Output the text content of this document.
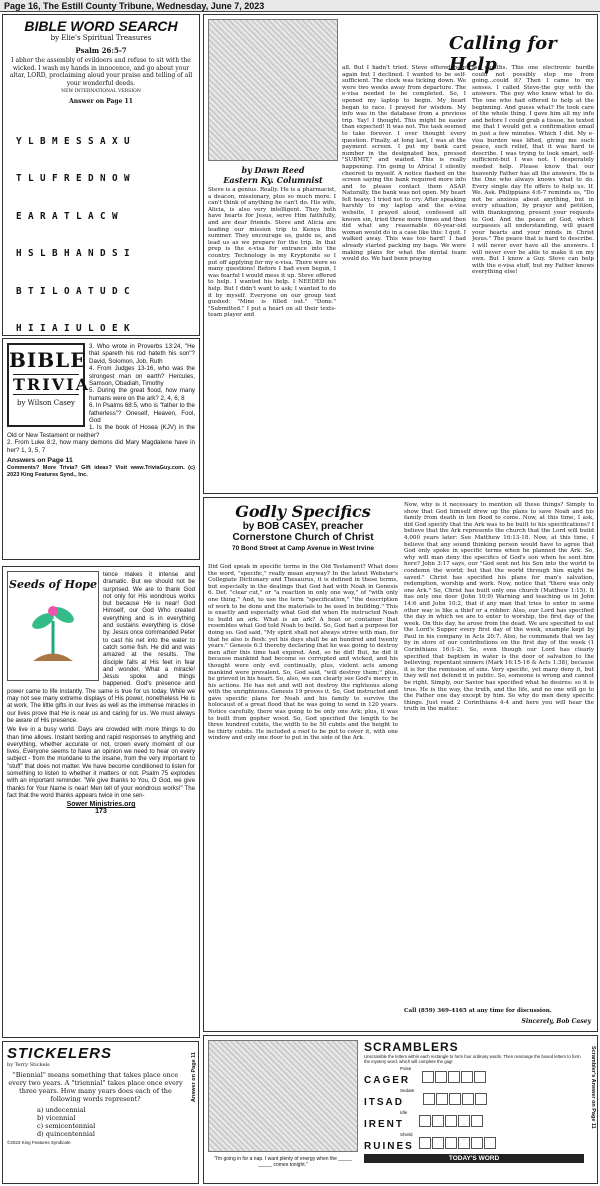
Page 16, The Estill County Tribune, Wednesday, June 7, 2023
BIBLE WORD SEARCH
by Elie's Spiritual Treasures
Psalm 26:5-7
I abhor the assembly of evildoers and refuse to sit with the wicked. I wash my hands in innocence, and go about your altar, LORD, proclaiming aloud your praise and telling of all your wonderful deeds.
NEW INTERNATIONAL VERSION
Answer on Page 11

YLBMESSAXU

TLUFREDNOW

EARATLACW

HSLBHANDSI

BTILOATUDC

HIIAIULOEK

BIBLE
TRIVIA
by Wilson Casey

3. Who wrote in Proverbs 13:24, "He that spareth his rod hateth his son"? David, Solomon, Job, Ruth

4. From Judges 13-16, who was the strongest man on earth? Hercules, Samson, Obadiah, Timothy

5. During the great flood, how many humans were on the ark? 2, 4, 6, 8

6. In Psalms 68:5, who is "father to the fatherless"? Oneself, Heaven, Fool, God

1. Is the book of Hosea (KJV) in the Old or New Testament or neither?

2. From Luke 8:2, how many demons did Mary Magdalene have in her? 1, 3, 5, 7

Answers on Page 11

Comments? More Trivia? Gift ideas? Visit www.TriviaGuy.com. (c) 2023 King Features Synd., Inc.

Calling for Help
by Dawn Reed
Eastern Ky. Columnist
Steve is a genius. Really. He is a pharmacist, a deacon, missionary, plus so much more. I can't think of anything he can't do. His wife, Alicia, is also very intelligent. They both have hearts for Jesus, serve Him faithfully, and are dear friends. Steve and Alicia are leading our mission trip to Kenya this summer. They encourage us, guide us, and lead us as we prepare for the trip. In that prep is the e-visa for entrance into the country. Technology is my Kryptonite so I put off applying for my e-visa. There were so many questions! Before I had even begun, I was fearful I would mess it up. Steve offered to help. I wanted his help. I NEEDED his help. But I didn't want to ask; I wanted to do it by myself. Everyone on our group text gushed: "Mine is filled out." "Done." "Submitted." I put a heart on all their texts-team player and
all. But I hadn't tried. Steve offered help again but I declined. I wanted to be self-sufficient. The clock was ticking down. We were two weeks away from departure. The e-visa needed to be completed. So, I opened my laptop to begin. My heart began to race. I prayed for wisdom. My info was in the database from a previous trip. Yay! I thought. This might be easier than expected! It was not. The task seemed to take forever. I over thought every question. Finally, at long last, I was at the payment screen. I put my bank card number in the designated box, pressed "SUBMIT," and waited. This is really happening. I'm going to Africa! I silently cheered to myself. A notice flashed on the screen saying the bank required more info and to please contact them ASAP. Naturally, the bank was not open. My heart felt heavy. I tried not to cry. After speaking harshly to my laptop and the e-visa website, I prayed aloud, confessed all known sin, tried three more times and then did what any reasonable 60-year-old woman would do in a case like this: I quit. I walked away. This was too hard! I had already started packing my bags. We were making plans for what the dental team would do. We had been praying
for months. This one electronic hurdle could not possibly stop me from going...could it? Then I came to my senses. I called Steve-the guy with the answers. The guy who knew what to do. The one who had offered to help at the beginning. And guess what? He took care of the whole thing. I gave him all my info and before I could grab a tissue, he texted me that I would get a confirmation email in just a few minutes. Which I did. My e-visa burden was lifted, giving me such peace, such relief, that it was hard to describe. I was trying to look smart, self-sufficient-but I was not. I desperately needed help. Please know that our heavenly Father has all the answers. He is the One who always knows what to do. Every single day He offers to help us. If. We. Ask. Philippians 4:6-7 reminds us, "Do not be anxious about anything, but in every situation, by prayer and petition, with thanksgiving, present your requests to God. And the peace of God, which surpasses all understanding, will guard your hearts and your minds in Christ Jesus." The peace that is hard to describe. I will never ever have all the answers. I will never ever be able to make it on my own. But I know a Guy. Steve can help with the e-visa stuff, but my Father knows everything else!
Seeds of Hope
tence makes it intense and dramatic. But we should not be surprised. We are to thank God not only for His wondrous works but because He is near! God Himself, our God Who created everything and is in everything and sustains everything is close by. Jesus once commanded Peter to cast his net into the water to catch some fish. He did and was amazed at the results. The disciple falls at His feet in fear and wonder. What a miracle! Jesus spoke and things happened. God's presence and power came to life instantly. The same is true for us today. While we may not see many extreme displays of His power, nonetheless He is at work. The little gifts in our lives as well as the immense miracles in our lives prove that He is near us and caring for us. We must always be aware of His presence.
We live in a busy world. Days are crowded with more things to do than time allows. Instant texting and rapid responses to anything and everything, whether accurate or not, crown every moment of our lives. Everyone seems to have an opinion we need to hear on every subject - from the mundane to the insane, from the very important to "stuff" that does not matter. We have become conditioned to listen for something to listen to whether it matters or not. Psalm 75 explodes with an important reminder. "We give thanks to You, O God, we give thanks for Your Name is near! Men tell of your wondrous works!" The fact that the word thanks appears twice in one sen-
Sower Ministries.org
173
Godly Specifics
by BOB CASEY, preacher
Cornerstone Church of Christ
70 Bond Street at Camp Avenue in West Irvine
Did God speak in specific terms in the Old Testament? What does the word, "specific," really mean anyway? In the latest Webster's Collegiate Dictionary and Thesaurus, it is defined in these terms, but especially in the dealings that God had with Noah in Genesis 6. Def. "clear cut," or "a reaction in only one way," of "with only one thing." And, to use the term "specification," "the description of work to be done and the materials to be used in building." This is exactly and especially what God did when He instructed Noah to build an ark. What is an ark? A boat or container that resembles what God told Noah to build. So, God had a purpose for doing so. God said, "My spirit shall not always strive with man, for that he also is flesh: yet his days shall be an hundred and twenty years." Genesis 6:3 thereby declaring that he was going to destroy men after this time had expired. And, so he did! But, he did it because mankind had become so corrupted and wicked, and his thought were only evil continually, plus, violent acts among mankind were prevalent. So, God said, "will destroy them;" plus, he grieved in his heart. So, also, we can clearly see God's mercy in his actions. He has not and will not destroy the righteous along with the unrighteous. Genesis 19 proves it. So, God instructed and gave specific plans for Noah and his family to survive the holocaust of a great flood that he was going to send in 120 years. Notice carefully, there was going to be only one Ark; plus, it was to built from gopher wood. So, God specified the length to be three hundred cubits, the width to be 50 cubits and the height to be thirty cubits. He included a roof to be put to cover it, with one window and only one door to put in the side of the Ark.
Now, why is it necessary to mention all these things? Simply to show that God himself drew up the plans to save Noah and his family from death in ten flood to come. Now, at this time, I ask, did God specify that the Ark was to be built to his specifications? I believe that the Ark represents the church that the Lord will build 4,000 years later: See Matthew 16:13-18. Now, at this time, I believe that any sound thinking person would have to agree that God only spoke in specific terms when he planned the Ark. So, why will man deny the specifics of God's son when he sent him here? John 3:17 says, our "God sent not his Son into the world to condemn the world; but that the world through him might be saved." Christ has specified his plans for man's salvation, redemption, worship and work. Now, notice that "there was only one Ark." So, Christ has built only one church (Matthew 1:15). It has only one door (John 10:9) Warning and teaching us in John 14:6 and John 10:2, that if any man that tries to enter in some other way is like a thief or a robber. Also, our Lord has specified the day in which we are to enter to worship, the first day of the week. On this day, he arose from the dead. We are specified to eat the Lord's Supper every first day of the week, example kept by Paul in his company in Acts 20:7. Also, he commands that we lay by in store of our contributions on the first day of the week (1 Corinthians 16:1-2). So, even though our Lord has clearly specified that baptism in water is the door of salvation to the believing, repentant sinners (Mark 16:15-16 & Acts 1:38), because it is for the remission of sins. Very specific, yet many deny it, but they will not defend it in public. So, someone is wrong and cannot be right. Simply, our Savior has specified what he desires: so it is true. He is the way, the truth, and the life, and no one will go to the Father one day except by him. So why do men deny specific things. Just read 2 Corinthians 4-4 and here you will hear the truth in the matter.
Call (859) 369-4165 at any time for discussion.
Sincerely, Bob Casey
STICKELERS
by Terry Stickels
"Biennial" means something that takes place once every two years. A "triennial" takes place once every three years. How many years does each of the following words represent?
a) undecennial
b) vicennial
c) semicentennial
d) quincentennial
©2023 King Features Syndicate
Answer on Page 11
"I'm going in for a nap. I want plenty of energy when the _____ _____ comes tonight."
SCRAMBLERS
Unscramble the letters within each rectangle to form four ordinary words. Then rearrange the boxed letters to form the mystery word, which will complete the gag!
Poise
CAGER
Sedate
ITSAD
Idle
IRENT
Shield
RUINES
TODAY'S WORD
Scrambler's Answer on Page 11
